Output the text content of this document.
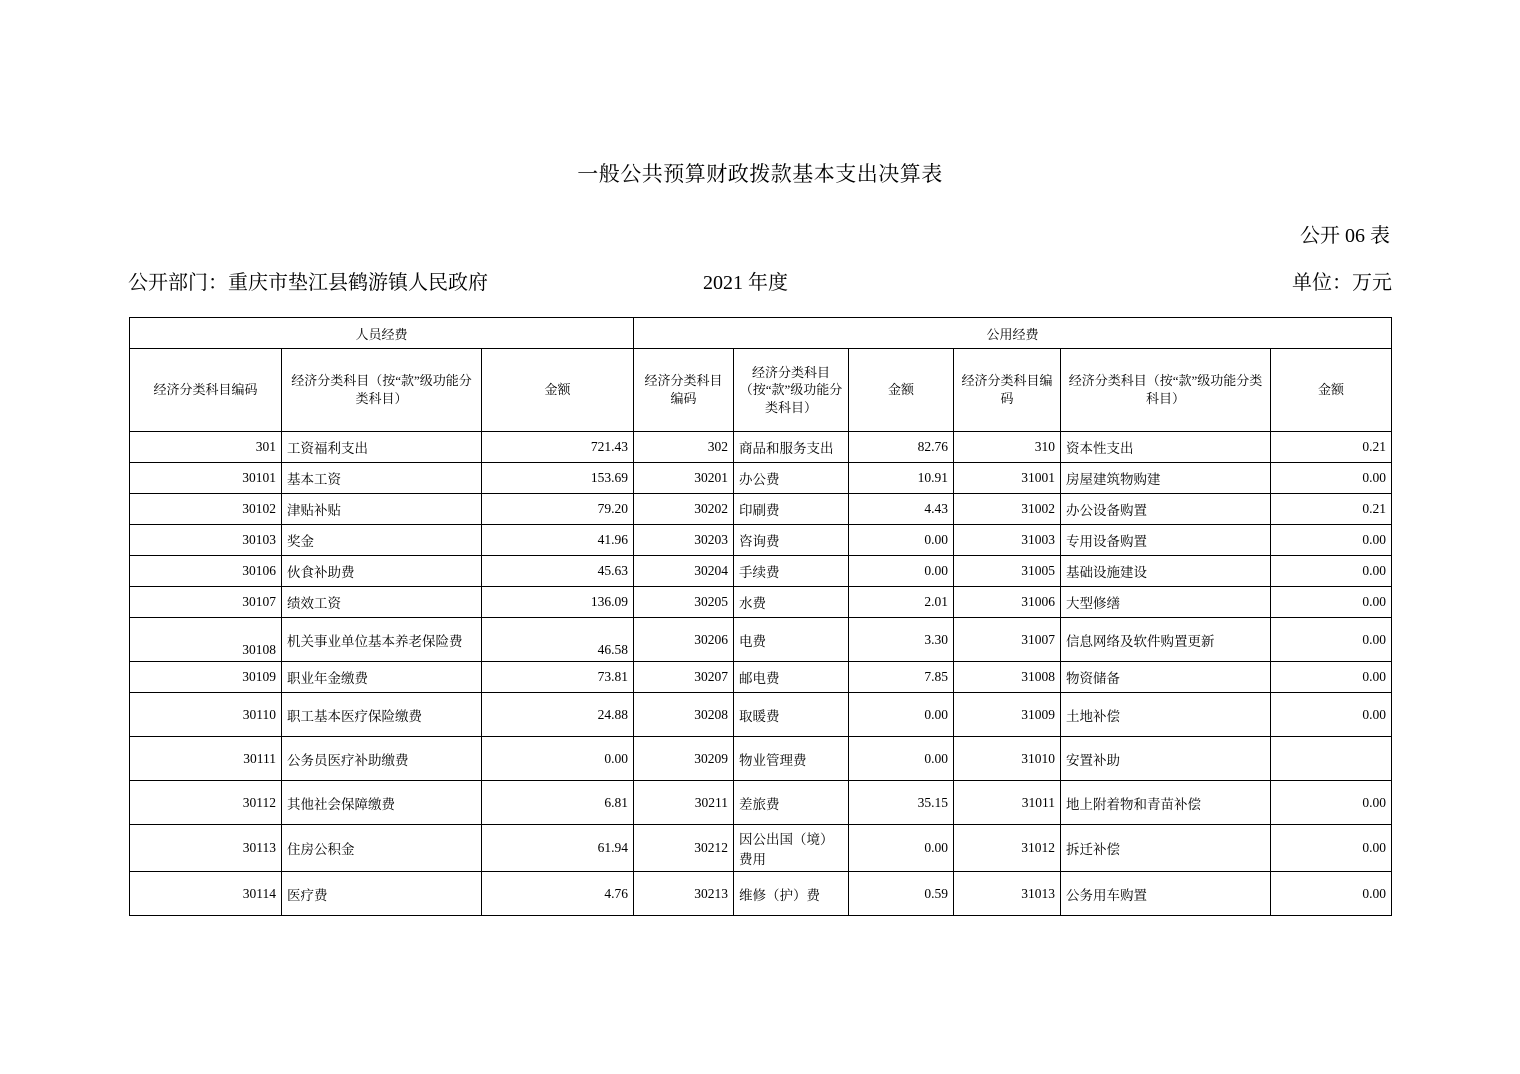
一般公共预算财政拨款基本支出决算表
公开 06 表
公开部门：重庆市垫江县鹤游镇人民政府	2021 年度	单位：万元
人员经费			公用经费					
经济分类科目编码	经济分类科目（按“款”级功能分类科目）	金额	经济分类科目编码	经济分类科目（按“款”级功能分类科目）	金额	经济分类科目编码	经济分类科目（按“款”级功能分类科目）	金额
301	工资福利支出	721.43	302	商品和服务支出	82.76	310	资本性支出	0.21
30101	基本工资	153.69	30201	办公费	10.91	31001	房屋建筑物购建	0.00
30102	津贴补贴	79.20	30202	印刷费	4.43	31002	办公设备购置	0.21
30103	奖金	41.96	30203	咨询费	0.00	31003	专用设备购置	0.00
30106	伙食补助费	45.63	30204	手续费	0.00	31005	基础设施建设	0.00
30107	绩效工资	136.09	30205	水费	2.01	31006	大型修缮	0.00
30108	机关事业单位基本养老保险费	46.58	30206	电费	3.30	31007	信息网络及软件购置更新	0.00
30109	职业年金缴费	73.81	30207	邮电费	7.85	31008	物资储备	0.00
30110	职工基本医疗保险缴费	24.88	30208	取暖费	0.00	31009	土地补偿	0.00
30111	公务员医疗补助缴费	0.00	30209	物业管理费	0.00	31010	安置补助	
30112	其他社会保障缴费	6.81	30211	差旅费	35.15	31011	地上附着物和青苗补偿	0.00
30113	住房公积金	61.94	30212	因公出国（境）费用	0.00	31012	拆迁补偿	0.00
30114	医疗费	4.76	30213	维修（护）费	0.59	31013	公务用车购置	0.00
